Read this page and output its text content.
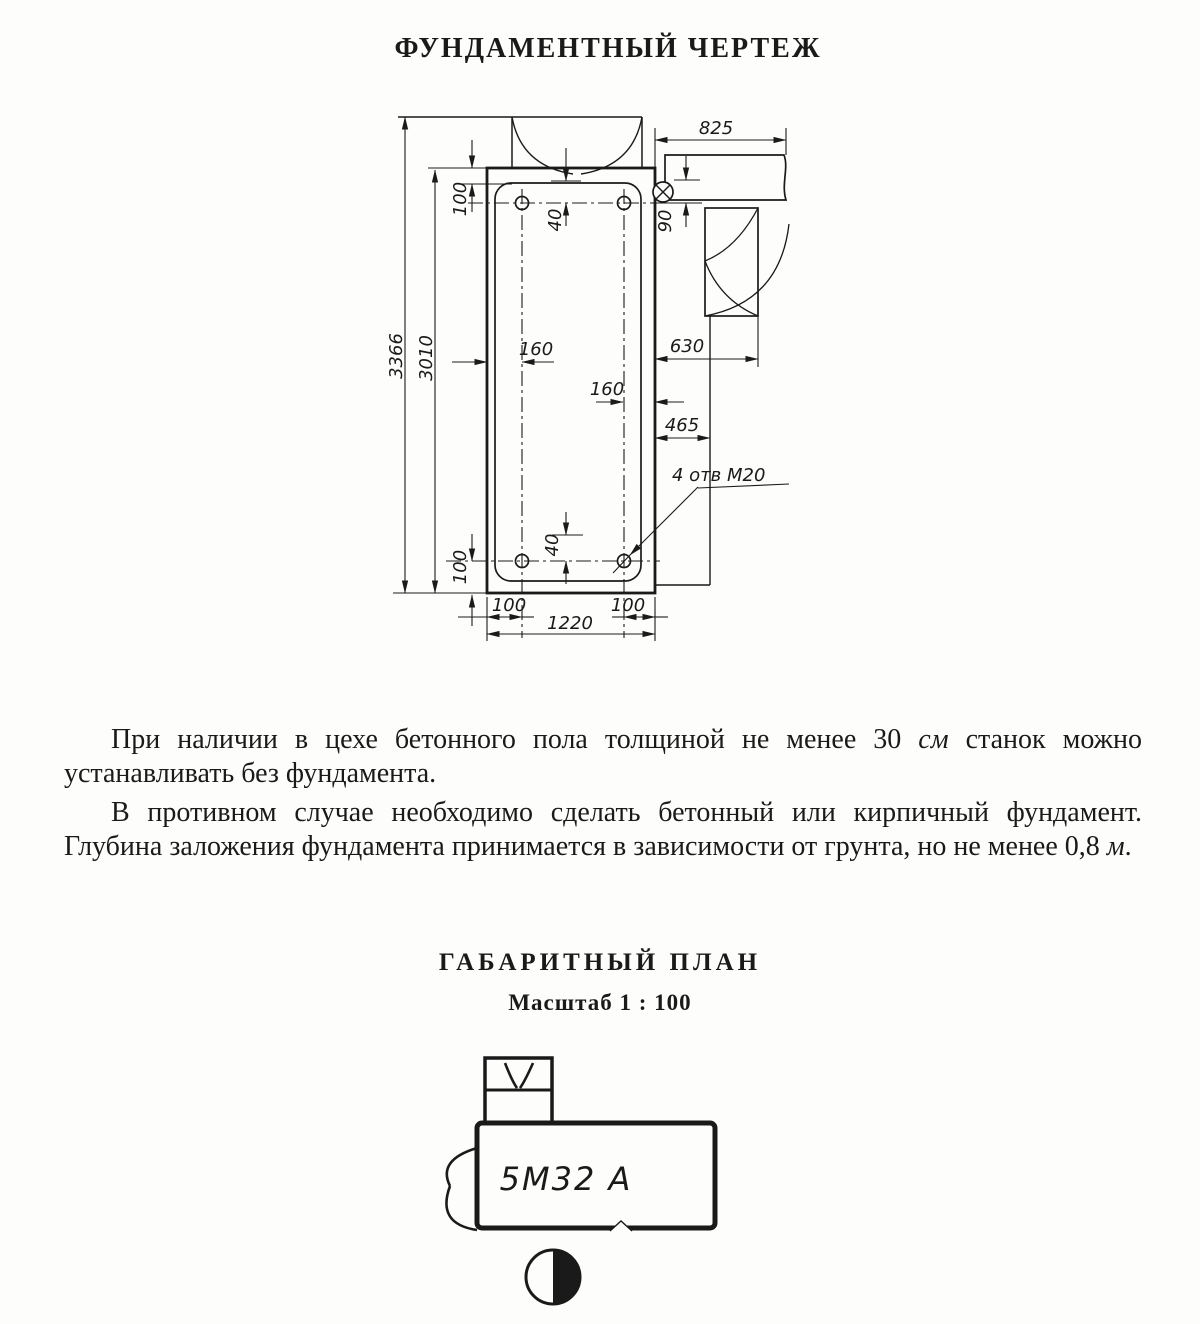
ФУНДАМЕНТНЫЙ ЧЕРТЕЖ
3366 3010
100
40
825
90
630
465
160
160
4 отв М20
40
100
100	100
1220

При наличии в цехе бетонного пола толщиной не менее 30 см станок можно устанавливать без фундамента.

В противном случае необходимо сделать бетонный или кирпичный фундамент. Глубина заложения фундамента принимается в зависимости от грунта, но не менее 0,8 м.

ГАБАРИТНЫЙ ПЛАН
Масштаб 1 : 100
5М32 А
